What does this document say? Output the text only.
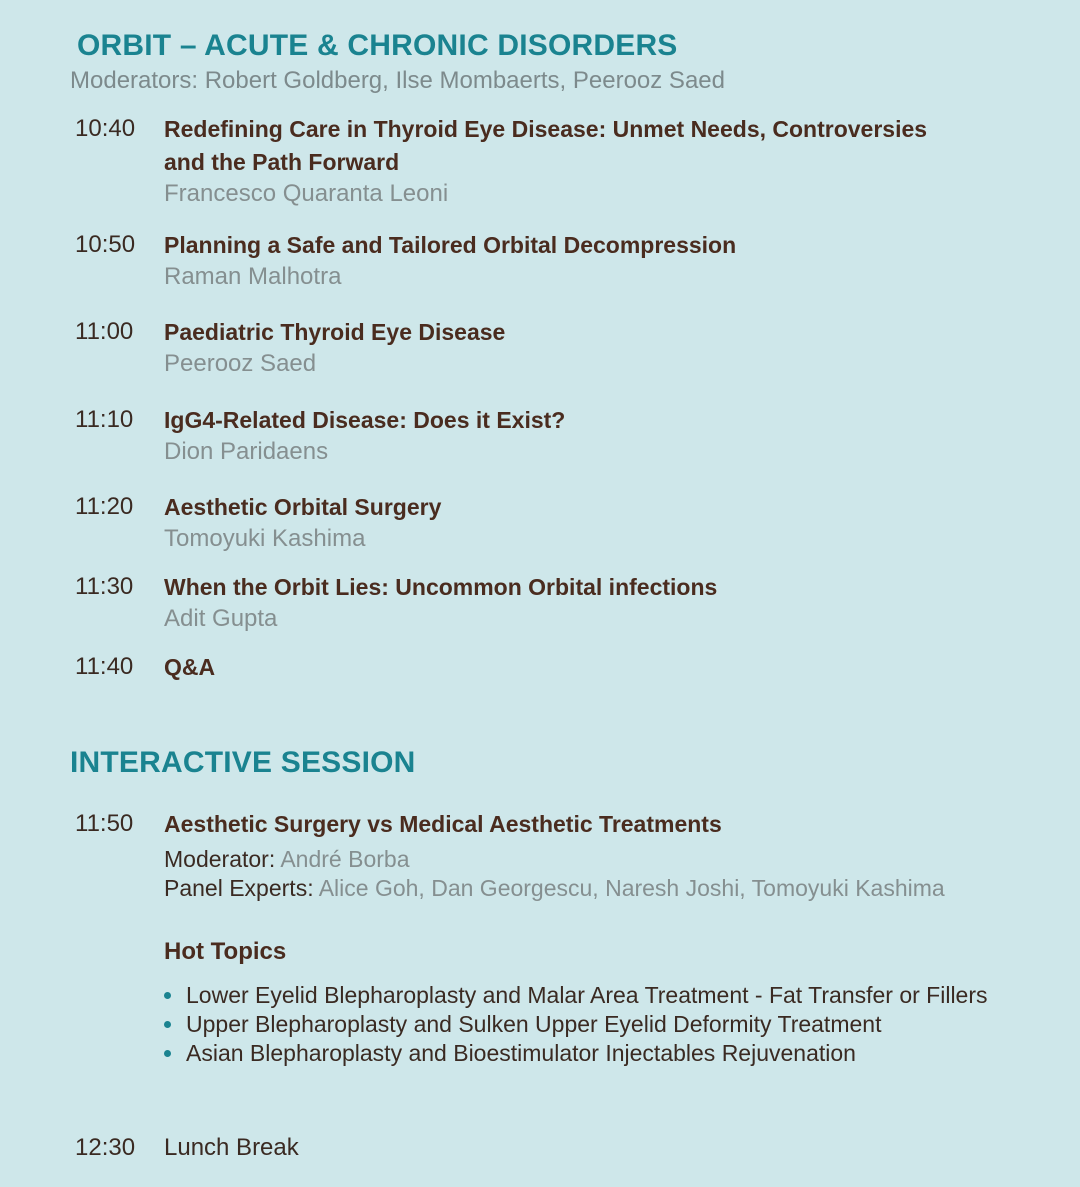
ORBIT – ACUTE & CHRONIC DISORDERS

Moderators: Robert Goldberg, Ilse Mombaerts, Peerooz Saed

10:40	Redefining Care in Thyroid Eye Disease: Unmet Needs, Controversies
and the Path Forward
Francesco Quaranta Leoni
10:50	Planning a Safe and Tailored Orbital Decompression
Raman Malhotra
11:00	Paediatric Thyroid Eye Disease
Peerooz Saed
11:10	IgG4-Related Disease: Does it Exist?
Dion Paridaens
11:20	Aesthetic Orbital Surgery
Tomoyuki Kashima
11:30	When the Orbit Lies: Uncommon Orbital infections
Adit Gupta
11:40	Q&A
INTERACTIVE SESSION
11:50	Aesthetic Surgery vs Medical Aesthetic Treatments
Moderator: André Borba
Panel Experts: Alice Goh, Dan Georgescu, Naresh Joshi, Tomoyuki Kashima
Hot Topics
Lower Eyelid Blepharoplasty and Malar Area Treatment - Fat Transfer or Fillers
Upper Blepharoplasty and Sulken Upper Eyelid Deformity Treatment
Asian Blepharoplasty and Bioestimulator Injectables Rejuvenation
12:30	Lunch Break
